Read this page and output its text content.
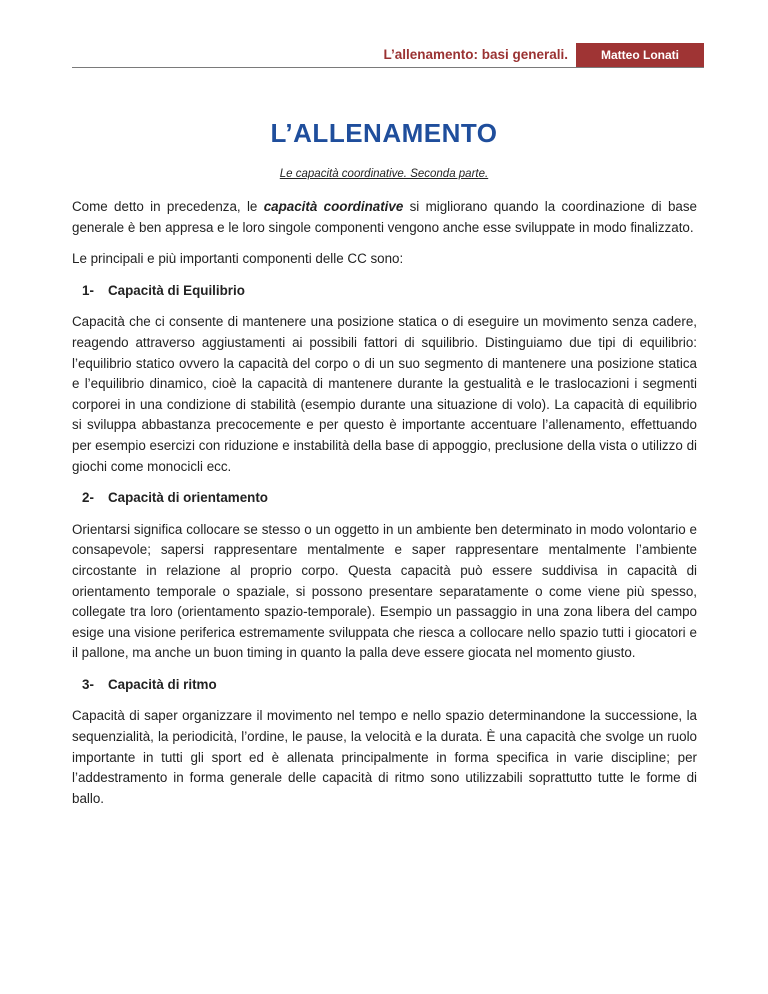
L’allenamento: basi generali.	Matteo Lonati
L’ALLENAMENTO
Le capacità coordinative. Seconda parte.

Come detto in precedenza, le capacità coordinative si migliorano quando la coordinazione di base generale è ben appresa e le loro singole componenti vengono anche esse sviluppate in modo finalizzato.

Le principali e più importanti componenti delle CC sono:

1- Capacità di Equilibrio

Capacità che ci consente di mantenere una posizione statica o di eseguire un movimento senza cadere, reagendo attraverso aggiustamenti ai possibili fattori di squilibrio. Distinguiamo due tipi di equilibrio: l’equilibrio statico ovvero la capacità del corpo o di un suo segmento di mantenere una posizione statica e l’equilibrio dinamico, cioè la capacità di mantenere durante la gestualità e le traslocazioni i segmenti corporei in una condizione di stabilità (esempio durante una situazione di volo). La capacità di equilibrio si sviluppa abbastanza precocemente e per questo è importante accentuare l’allenamento, effettuando per esempio esercizi con riduzione e instabilità della base di appoggio, preclusione della vista o utilizzo di giochi come monocicli ecc.

2- Capacità di orientamento

Orientarsi significa collocare se stesso o un oggetto in un ambiente ben determinato in modo volontario e consapevole; sapersi rappresentare mentalmente e saper rappresentare mentalmente l’ambiente circostante in relazione al proprio corpo. Questa capacità può essere suddivisa in capacità di orientamento temporale o spaziale, si possono presentare separatamente o come viene più spesso, collegate tra loro (orientamento spazio-temporale). Esempio un passaggio in una zona libera del campo esige una visione periferica estremamente sviluppata che riesca a collocare nello spazio tutti i giocatori e il pallone, ma anche un buon timing in quanto la palla deve essere giocata nel momento giusto.

3- Capacità di ritmo

Capacità di saper organizzare il movimento nel tempo e nello spazio determinandone la successione, la sequenzialità, la periodicità, l’ordine, le pause, la velocità e la durata. È una capacità che svolge un ruolo importante in tutti gli sport ed è allenata principalmente in forma specifica in varie discipline; per l’addestramento in forma generale delle capacità di ritmo sono utilizzabili soprattutto tutte le forme di ballo.
